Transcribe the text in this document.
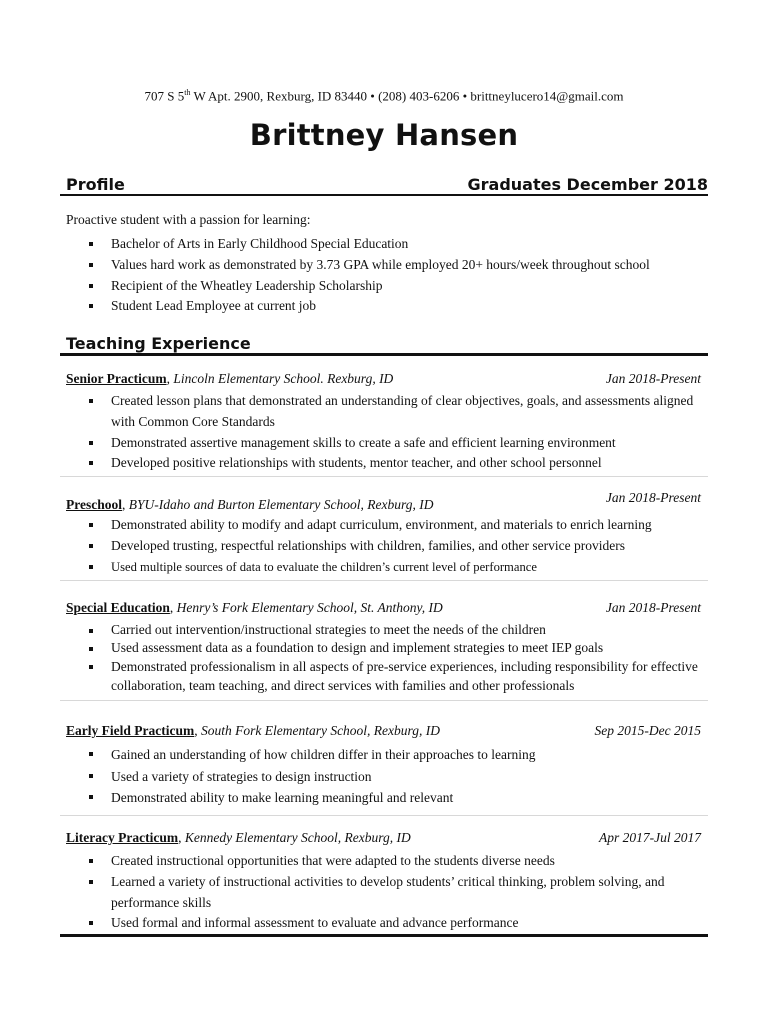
707 S 5th W Apt. 2900, Rexburg, ID 83440 • (208) 403-6206 • brittneylucero14@gmail.com
Brittney Hansen
Profile	Graduates December 2018
Proactive student with a passion for learning:
Bachelor of Arts in Early Childhood Special Education
Values hard work as demonstrated by 3.73 GPA while employed 20+ hours/week throughout school
Recipient of the Wheatley Leadership Scholarship
Student Lead Employee at current job
Teaching Experience
Senior Practicum, Lincoln Elementary School. Rexburg, ID	Jan 2018-Present
Created lesson plans that demonstrated an understanding of clear objectives, goals, and assessments aligned with Common Core Standards
Demonstrated assertive management skills to create a safe and efficient learning environment
Developed positive relationships with students, mentor teacher, and other school personnel
Preschool, BYU-Idaho and Burton Elementary School, Rexburg, ID	Jan 2018-Present
Demonstrated ability to modify and adapt curriculum, environment, and materials to enrich learning
Developed trusting, respectful relationships with children, families, and other service providers
Used multiple sources of data to evaluate the children’s current level of performance
Special Education, Henry’s Fork Elementary School, St. Anthony, ID	Jan 2018-Present
Carried out intervention/instructional strategies to meet the needs of the children
Used assessment data as a foundation to design and implement strategies to meet IEP goals
Demonstrated professionalism in all aspects of pre-service experiences, including responsibility for effective collaboration, team teaching, and direct services with families and other professionals
Early Field Practicum, South Fork Elementary School, Rexburg, ID	Sep 2015-Dec 2015
Gained an understanding of how children differ in their approaches to learning
Used a variety of strategies to design instruction
Demonstrated ability to make learning meaningful and relevant
Literacy Practicum, Kennedy Elementary School, Rexburg, ID	Apr 2017-Jul 2017
Created instructional opportunities that were adapted to the students diverse needs
Learned a variety of instructional activities to develop students’ critical thinking, problem solving, and performance skills
Used formal and informal assessment to evaluate and advance performance
